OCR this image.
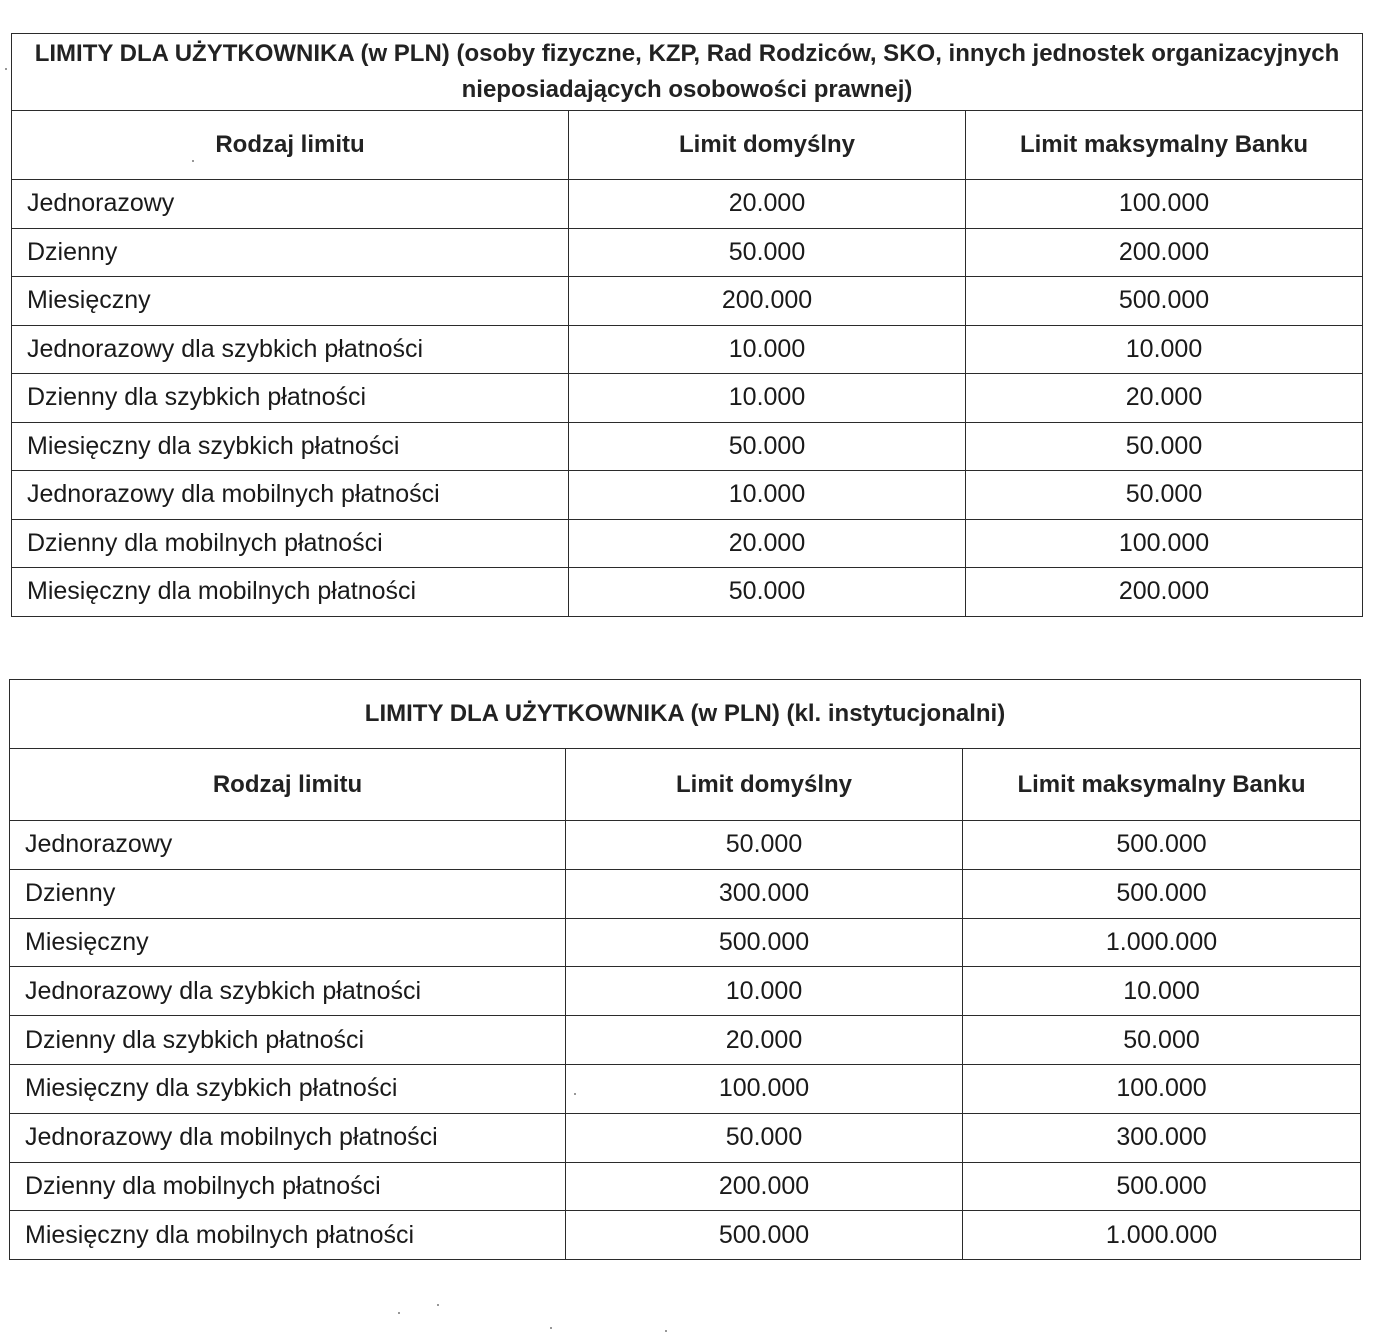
LIMITY DLA UŻYTKOWNIKA (w PLN) (osoby fizyczne, KZP, Rad Rodziców, SKO, innych jednostek organizacyjnych nieposiadających osobowości prawnej)		
Rodzaj limitu	Limit domyślny	Limit maksymalny Banku
Jednorazowy	20.000	100.000
Dzienny	50.000	200.000
Miesięczny	200.000	500.000
Jednorazowy dla szybkich płatności	10.000	10.000
Dzienny dla szybkich płatności	10.000	20.000
Miesięczny dla szybkich płatności	50.000	50.000
Jednorazowy dla mobilnych płatności	10.000	50.000
Dzienny dla mobilnych płatności	20.000	100.000
Miesięczny dla mobilnych płatności	50.000	200.000
LIMITY DLA UŻYTKOWNIKA (w PLN) (kl. instytucjonalni)		
Rodzaj limitu	Limit domyślny	Limit maksymalny Banku
Jednorazowy	50.000	500.000
Dzienny	300.000	500.000
Miesięczny	500.000	1.000.000
Jednorazowy dla szybkich płatności	10.000	10.000
Dzienny dla szybkich płatności	20.000	50.000
Miesięczny dla szybkich płatności	100.000	100.000
Jednorazowy dla mobilnych płatności	50.000	300.000
Dzienny dla mobilnych płatności	200.000	500.000
Miesięczny dla mobilnych płatności	500.000	1.000.000
